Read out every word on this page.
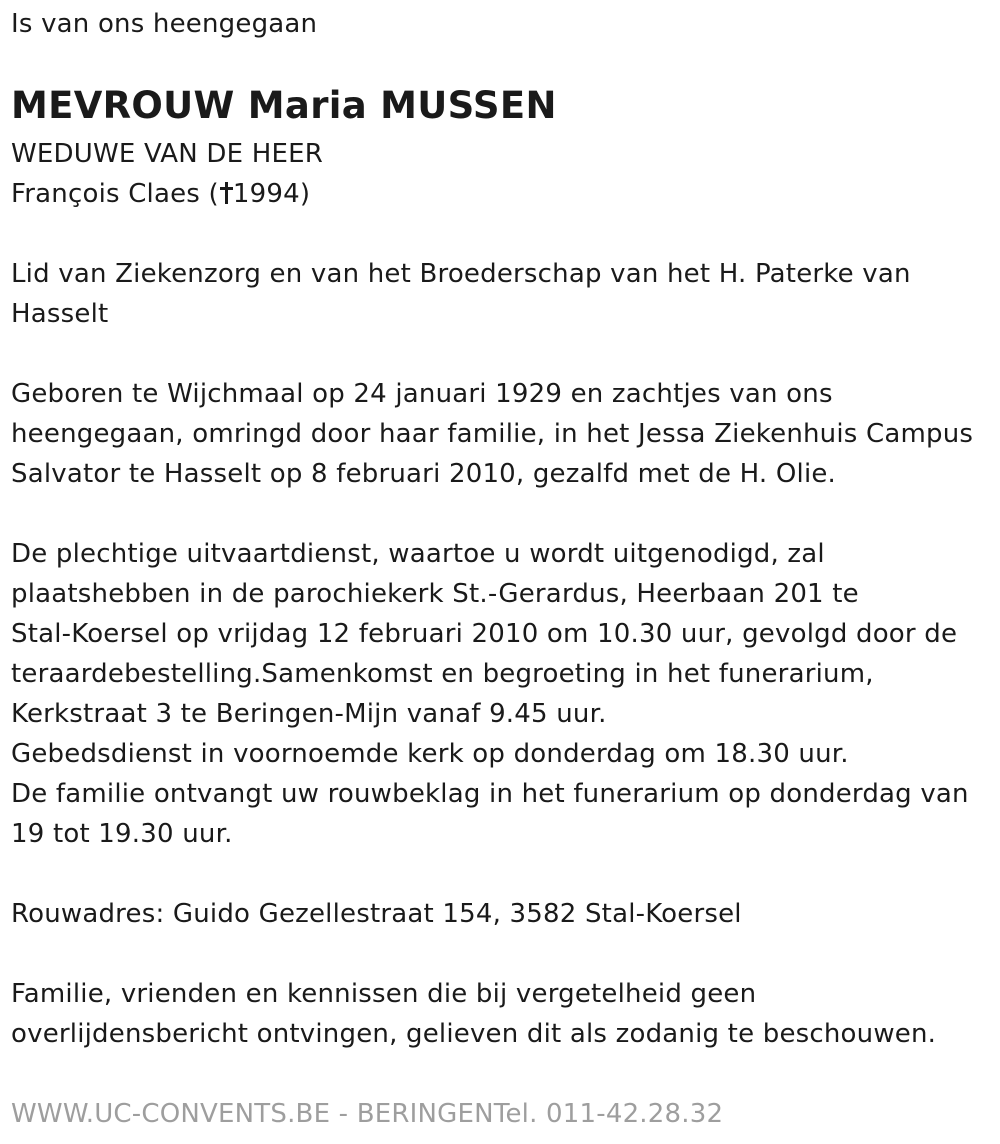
Is van ons heengegaan
MEVROUW Maria MUSSEN
WEDUWE VAN DE HEER
François Claes ( 1994)
Lid van Ziekenzorg en van het Broederschap van het H. Paterke van
Hasselt
Geboren te Wijchmaal op 24 januari 1929 en zachtjes van ons
heengegaan, omringd door haar familie, in het Jessa Ziekenhuis Campus
Salvator te Hasselt op 8 februari 2010, gezalfd met de H. Olie.
De plechtige uitvaartdienst, waartoe u wordt uitgenodigd, zal
plaatshebben in de parochiekerk St.-Gerardus, Heerbaan 201 te
Stal-Koersel op vrijdag 12 februari 2010 om 10.30 uur, gevolgd door de
teraardebestelling.Samenkomst en begroeting in het funerarium,
Kerkstraat 3 te Beringen-Mijn vanaf 9.45 uur.
Gebedsdienst in voornoemde kerk op donderdag om 18.30 uur.
De familie ontvangt uw rouwbeklag in het funerarium op donderdag van
19 tot 19.30 uur.
Rouwadres: Guido Gezellestraat 154, 3582 Stal-Koersel
Familie, vrienden en kennissen die bij vergetelheid geen
overlijdensbericht ontvingen, gelieven dit als zodanig te beschouwen.
WWW.UC-CONVENTS.BE - BERINGENTel. 011-42.28.32
